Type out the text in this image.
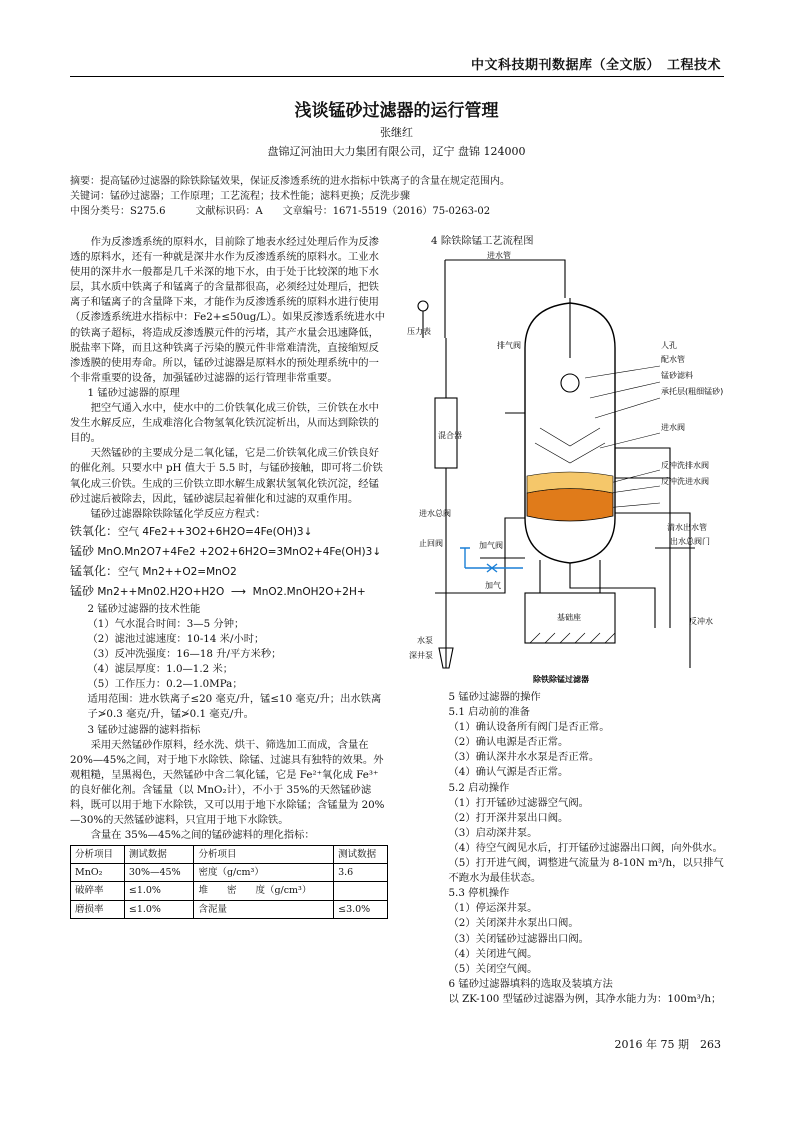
中文科技期刊数据库（全文版）　工程技术
浅谈锰砂过滤器的运行管理
张继红
盘锦辽河油田大力集团有限公司，辽宁 盘锦 124000
摘要：提高锰砂过滤器的除铁除锰效果，保证反渗透系统的进水指标中铁离子的含量在规定范围内。
关键词：锰砂过滤器；工作原理；工艺流程；技术性能；滤料更换；反洗步骤
中图分类号：S275.6　　　文献标识码：A　　文章编号：1671-5519（2016）75-0263-02

作为反渗透系统的原料水，目前除了地表水经过处理后作为反渗透的原料水，还有一种就是深井水作为反渗透系统的原料水。工业水使用的深井水一般都是几千米深的地下水，由于处于比较深的地下水层，其水质中铁离子和锰离子的含量都很高，必须经过处理后，把铁离子和锰离子的含量降下来，才能作为反渗透系统的原料水进行使用（反渗透系统进水指标中：Fe2+≤50ug/L）。如果反渗透系统进水中的铁离子超标，将造成反渗透膜元件的污堵，其产水量会迅速降低，脱盐率下降，而且这种铁离子污染的膜元件非常难清洗，直接缩短反渗透膜的使用寿命。所以，锰砂过滤器是原料水的预处理系统中的一个非常重要的设备，加强锰砂过滤器的运行管理非常重要。

1 锰砂过滤器的原理

把空气通入水中，使水中的二价铁氧化成三价铁，三价铁在水中发生水解反应，生成难溶化合物氢氧化铁沉淀析出，从而达到除铁的目的。

天然锰砂的主要成分是二氧化锰，它是二价铁氧化成三价铁良好的催化剂。只要水中 pH 值大于 5.5 时，与锰砂接触，即可将二价铁氧化成三价铁。生成的三价铁立即水解生成絮状氢氧化铁沉淀，经锰砂过滤后被除去，因此，锰砂滤层起着催化和过滤的双重作用。

锰砂过滤器除铁除锰化学反应方程式：

铁氧化：空气 4Fe2++3O2+6H2O=4Fe(OH)3↓
锰砂 MnO.Mn2O7+4Fe2 +2O2+6H2O=3MnO2+4Fe(OH)3↓
锰氧化：空气 Mn2++O2=MnO2
锰砂 Mn2++Mn02.H2O+H2O  ⟶  MnO2.MnOH2O+2H+

2 锰砂过滤器的技术性能

（1）气水混合时间：3—5 分钟；

（2）滤池过滤速度：10-14 米/小时；

（3）反冲洗强度：16—18 升/平方米秒；

（4）滤层厚度：1.0—1.2 米；

（5）工作压力：0.2—1.0MPa；

适用范围：进水铁离子≤20 毫克/升，锰≤10 毫克/升；出水铁离子≯0.3 毫克/升，锰≯0.1 毫克/升。

3 锰砂过滤器的滤料指标

采用天然锰砂作原料，经水洗、烘干、筛选加工而成，含量在 20%—45%之间，对于地下水除铁、除锰、过滤具有独特的效果。外观粗糙，呈黑褐色，天然锰砂中含二氧化锰，它是 Fe²⁺氧化成 Fe³⁺的良好催化剂。含锰量（以 MnO₂计），不小于 35%的天然锰砂滤料，既可以用于地下水除铁，又可以用于地下水除锰；含锰量为 20%—30%的天然锰砂滤料，只宜用于地下水除铁。

含量在 35%—45%之间的锰砂滤料的理化指标：

分析项目	测试数据	分析项目	测试数据
MnO₂	30%—45%	密度（g/cm³）	3.6
破碎率	≤1.0%	堆　　密　　度（g/cm³）	
磨损率	≤1.0%	含泥量	≤3.0%
4 除铁除锰工艺流程图
进水管
压力表
排气阀
混合器
人孔
配水管
锰砂滤料
承托层(粗细锰砂)
进水阀
反冲洗排水阀
反冲洗进水阀
清水出水管
出水总阀门
进水总阀
止回阀	加气阀
加气
基础座
水泵
深井泵
反冲水
除铁除锰过滤器

5 锰砂过滤器的操作

5.1 启动前的准备

（1）确认设备所有阀门是否正常。

（2）确认电源是否正常。

（3）确认深井水水泵是否正常。

（4）确认气源是否正常。

5.2 启动操作

（1）打开锰砂过滤器空气阀。

（2）打开深井泵出口阀。

（3）启动深井泵。

（4）待空气阀见水后，打开锰砂过滤器出口阀，向外供水。

（5）打开进气阀，调整进气流量为 8-10N m³/h，以只排气不跑水为最佳状态。

5.3 停机操作

（1）停运深井泵。

（2）关闭深井水泵出口阀。

（3）关闭锰砂过滤器出口阀。

（4）关闭进气阀。

（5）关闭空气阀。

6 锰砂过滤器填料的选取及装填方法

以 ZK-100 型锰砂过滤器为例，其净水能力为：100m³/h；

2016 年 75 期　263
